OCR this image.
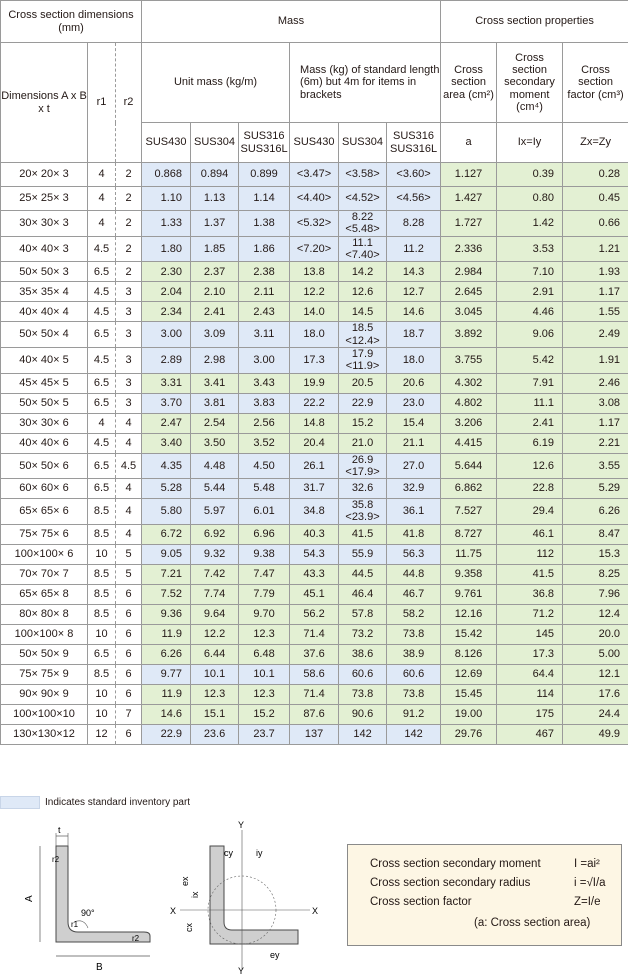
Cross section dimensions (mm)			Mass						Cross section properties		
Dimensions A x B x t	r1	r2	Unit mass (kg/m)			Mass (kg) of standard length (6m) but 4m for items in brackets			Cross section area (cm²)	Cross section secondary moment (cm⁴)	Cross section factor (cm³)
			SUS430	SUS304	SUS316 SUS316L	SUS430	SUS304	SUS316 SUS316L	a	Ix=Iy	Zx=Zy
20× 20× 3	4	2	0.868	0.894	0.899	<3.47>	<3.58>	<3.60>	1.127	0.39	0.28
25× 25× 3	4	2	1.10	1.13	1.14	<4.40>	<4.52>	<4.56>	1.427	0.80	0.45
30× 30× 3	4	2	1.33	1.37	1.38	<5.32>	8.22 <5.48>	8.28	1.727	1.42	0.66
40× 40× 3	4.5	2	1.80	1.85	1.86	<7.20>	11.1 <7.40>	11.2	2.336	3.53	1.21
50× 50× 3	6.5	2	2.30	2.37	2.38	13.8	14.2	14.3	2.984	7.10	1.93
35× 35× 4	4.5	3	2.04	2.10	2.11	12.2	12.6	12.7	2.645	2.91	1.17
40× 40× 4	4.5	3	2.34	2.41	2.43	14.0	14.5	14.6	3.045	4.46	1.55
50× 50× 4	6.5	3	3.00	3.09	3.11	18.0	18.5 <12.4>	18.7	3.892	9.06	2.49
40× 40× 5	4.5	3	2.89	2.98	3.00	17.3	17.9 <11.9>	18.0	3.755	5.42	1.91
45× 45× 5	6.5	3	3.31	3.41	3.43	19.9	20.5	20.6	4.302	7.91	2.46
50× 50× 5	6.5	3	3.70	3.81	3.83	22.2	22.9	23.0	4.802	11.1	3.08
30× 30× 6	4	4	2.47	2.54	2.56	14.8	15.2	15.4	3.206	2.41	1.17
40× 40× 6	4.5	4	3.40	3.50	3.52	20.4	21.0	21.1	4.415	6.19	2.21
50× 50× 6	6.5	4.5	4.35	4.48	4.50	26.1	26.9 <17.9>	27.0	5.644	12.6	3.55
60× 60× 6	6.5	4	5.28	5.44	5.48	31.7	32.6	32.9	6.862	22.8	5.29
65× 65× 6	8.5	4	5.80	5.97	6.01	34.8	35.8 <23.9>	36.1	7.527	29.4	6.26
75× 75× 6	8.5	4	6.72	6.92	6.96	40.3	41.5	41.8	8.727	46.1	8.47
100×100× 6	10	5	9.05	9.32	9.38	54.3	55.9	56.3	11.75	112	15.3
70× 70× 7	8.5	5	7.21	7.42	7.47	43.3	44.5	44.8	9.358	41.5	8.25
65× 65× 8	8.5	6	7.52	7.74	7.79	45.1	46.4	46.7	9.761	36.8	7.96
80× 80× 8	8.5	6	9.36	9.64	9.70	56.2	57.8	58.2	12.16	71.2	12.4
100×100× 8	10	6	11.9	12.2	12.3	71.4	73.2	73.8	15.42	145	20.0
50× 50× 9	6.5	6	6.26	6.44	6.48	37.6	38.6	38.9	8.126	17.3	5.00
75× 75× 9	8.5	6	9.77	10.1	10.1	58.6	60.6	60.6	12.69	64.4	12.1
90× 90× 9	10	6	11.9	12.3	12.3	71.4	73.8	73.8	15.45	114	17.6
100×100×10	10	7	14.6	15.1	15.2	87.6	90.6	91.2	19.00	175	24.4
130×130×12	12	6	22.9	23.6	23.7	137	142	142	29.76	467	49.9
Indicates standard inventory part
t
r2
A
90°
r1
r2
B
Y
cy	iy
ex
ix
cx
X	X
Y
ey
Cross section secondary moment	I =ai²
Cross section secondary radius	i =√I/a
Cross section factor	Z=I/e
(a: Cross section area)
